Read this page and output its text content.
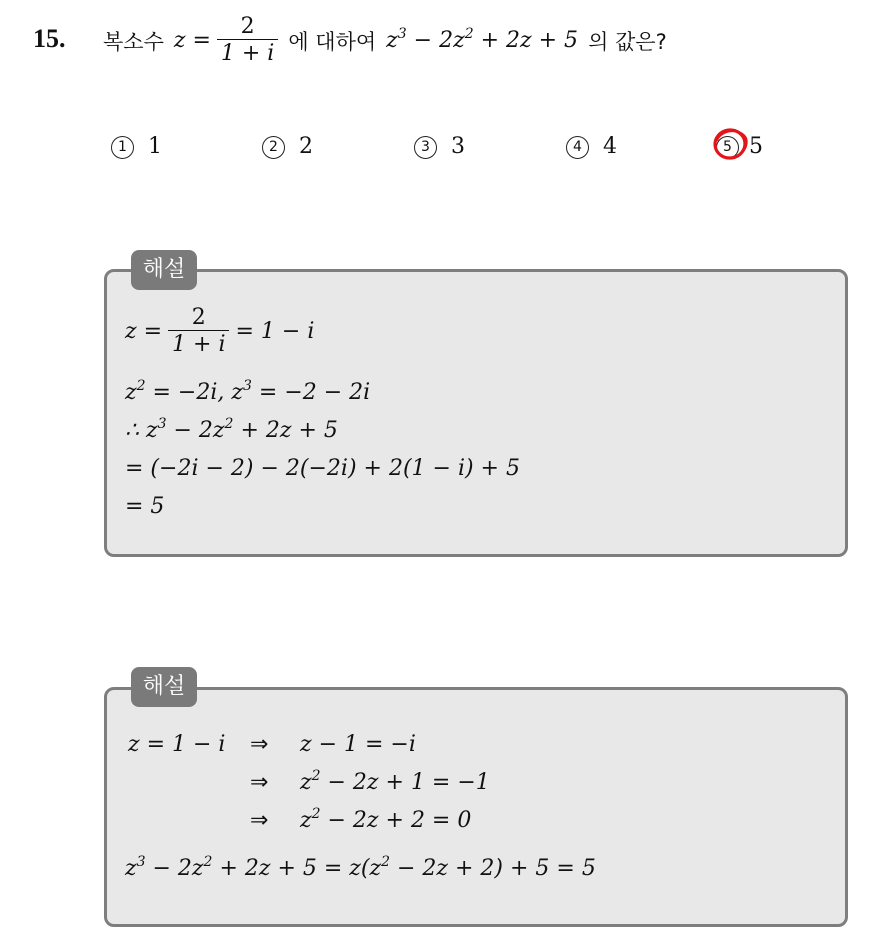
15. 복소수 $z = \frac{2}{1 + i}$ 에 대하여 $z^3 - 2z^2 + 2z + 5$ 의 값은?
1 1	2 2	3 3	4 4	5 5
해설
$z = \frac{2}{1 + i} = 1 - i$
$z^2 = -2i$, $z^3 = -2 - 2i$
∴ $z^3 - 2z^2 + 2z + 5$
= (−2i − 2) − 2(−2i) + 2(1 − i) + 5
= 5
해설
z = 1 − i ⇒ z − 1 = −i
⇒ $z^2 - 2z + 1 = -1$
⇒ $z^2 - 2z + 2 = 0$
$z^3 - 2z^2 + 2z + 5 = z(z^2 - 2z + 2) + 5 = 5$
